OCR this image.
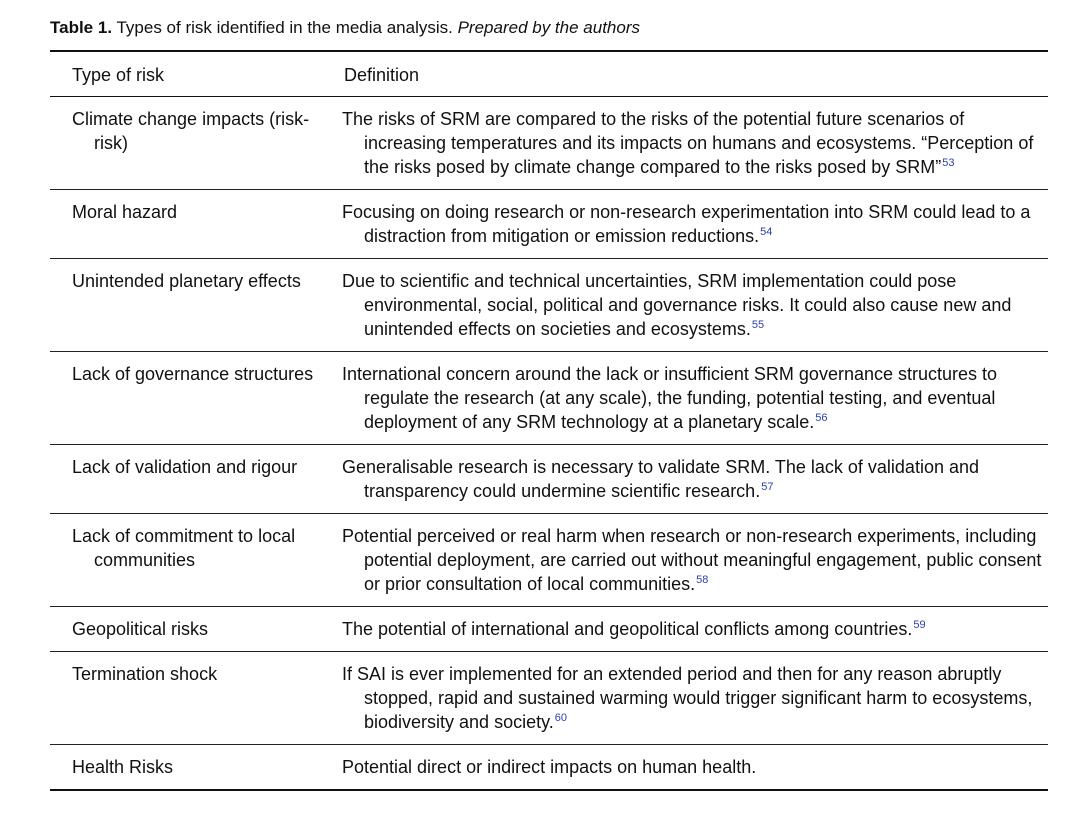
Table 1. Types of risk identified in the media analysis. Prepared by the authors
Type of risk	Definition

Climate change impacts (risk-risk)	The risks of SRM are compared to the risks of the potential future scenarios of increasing temperatures and its impacts on humans and ecosystems. “Perception of the risks posed by climate change compared to the risks posed by SRM”$^{53}$

Moral hazard	Focusing on doing research or non-research experimentation into SRM could lead to a distraction from mitigation or emission reductions.$^{54}$

Unintended planetary effects	Due to scientific and technical uncertainties, SRM implementation could pose environmental, social, political and governance risks. It could also cause new and unintended effects on societies and ecosystems.$^{55}$

Lack of governance structures	International concern around the lack or insufficient SRM governance structures to regulate the research (at any scale), the funding, potential testing, and eventual deployment of any SRM technology at a planetary scale.$^{56}$

Lack of validation and rigour	Generalisable research is necessary to validate SRM. The lack of validation and transparency could undermine scientific research.$^{57}$

Lack of commitment to local communities	Potential perceived or real harm when research or non-research experiments, including potential deployment, are carried out without meaningful engagement, public consent or prior consultation of local communities.$^{58}$

Geopolitical risks	The potential of international and geopolitical conflicts among countries.$^{59}$

Termination shock	If SAI is ever implemented for an extended period and then for any reason abruptly stopped, rapid and sustained warming would trigger significant harm to ecosystems, biodiversity and society.$^{60}$

Health Risks	Potential direct or indirect impacts on human health.
